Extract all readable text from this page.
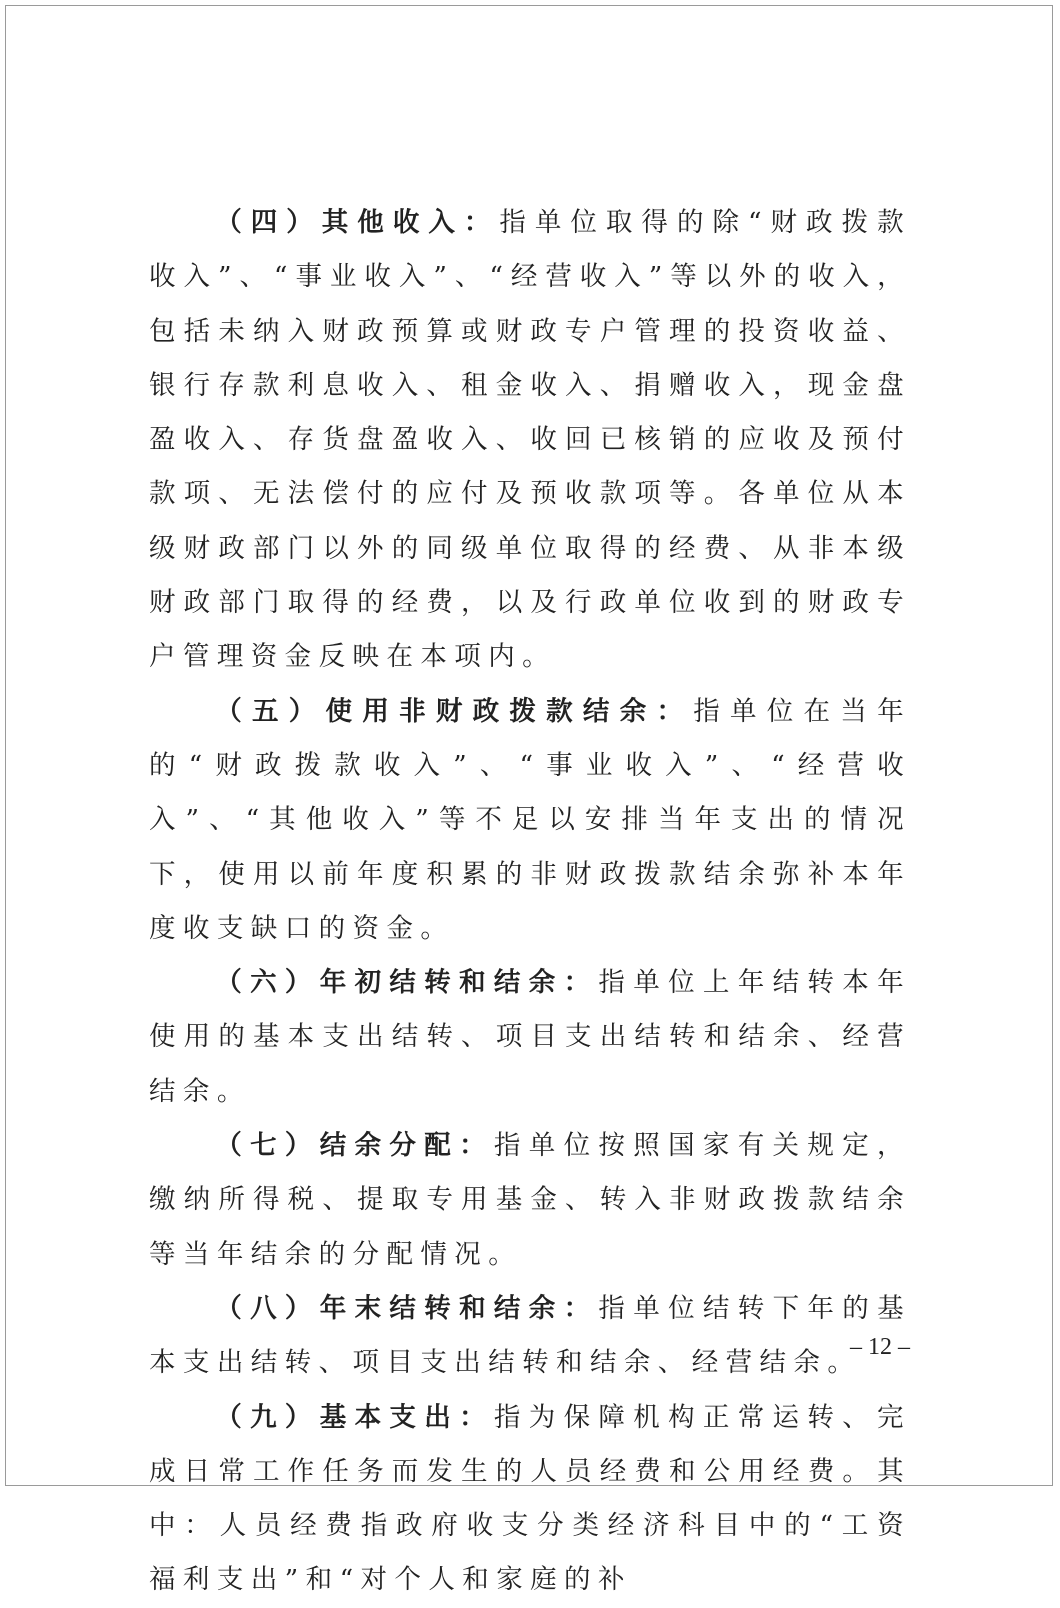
（四）其他收入：指单位取得的除“财政拨款收入”、“事业收入”、“经营收入”等以外的收入，包括未纳入财政预算或财政专户管理的投资收益、银行存款利息收入、租金收入、捐赠收入，现金盘盈收入、存货盘盈收入、收回已核销的应收及预付款项、无法偿付的应付及预收款项等。各单位从本级财政部门以外的同级单位取得的经费、从非本级财政部门取得的经费，以及行政单位收到的财政专户管理资金反映在本项内。

（五）使用非财政拨款结余：指单位在当年的“财政拨款收入”、“事业收入”、“经营收入”、“其他收入”等不足以安排当年支出的情况下，使用以前年度积累的非财政拨款结余弥补本年度收支缺口的资金。

（六）年初结转和结余：指单位上年结转本年使用的基本支出结转、项目支出结转和结余、经营结余。

（七）结余分配：指单位按照国家有关规定，缴纳所得税、提取专用基金、转入非财政拨款结余等当年结余的分配情况。

（八）年末结转和结余：指单位结转下年的基本支出结转、项目支出结转和结余、经营结余。

（九）基本支出：指为保障机构正常运转、完成日常工作任务而发生的人员经费和公用经费。其中：人员经费指政府收支分类经济科目中的“工资福利支出”和“对个人和家庭的补

– 12 –
